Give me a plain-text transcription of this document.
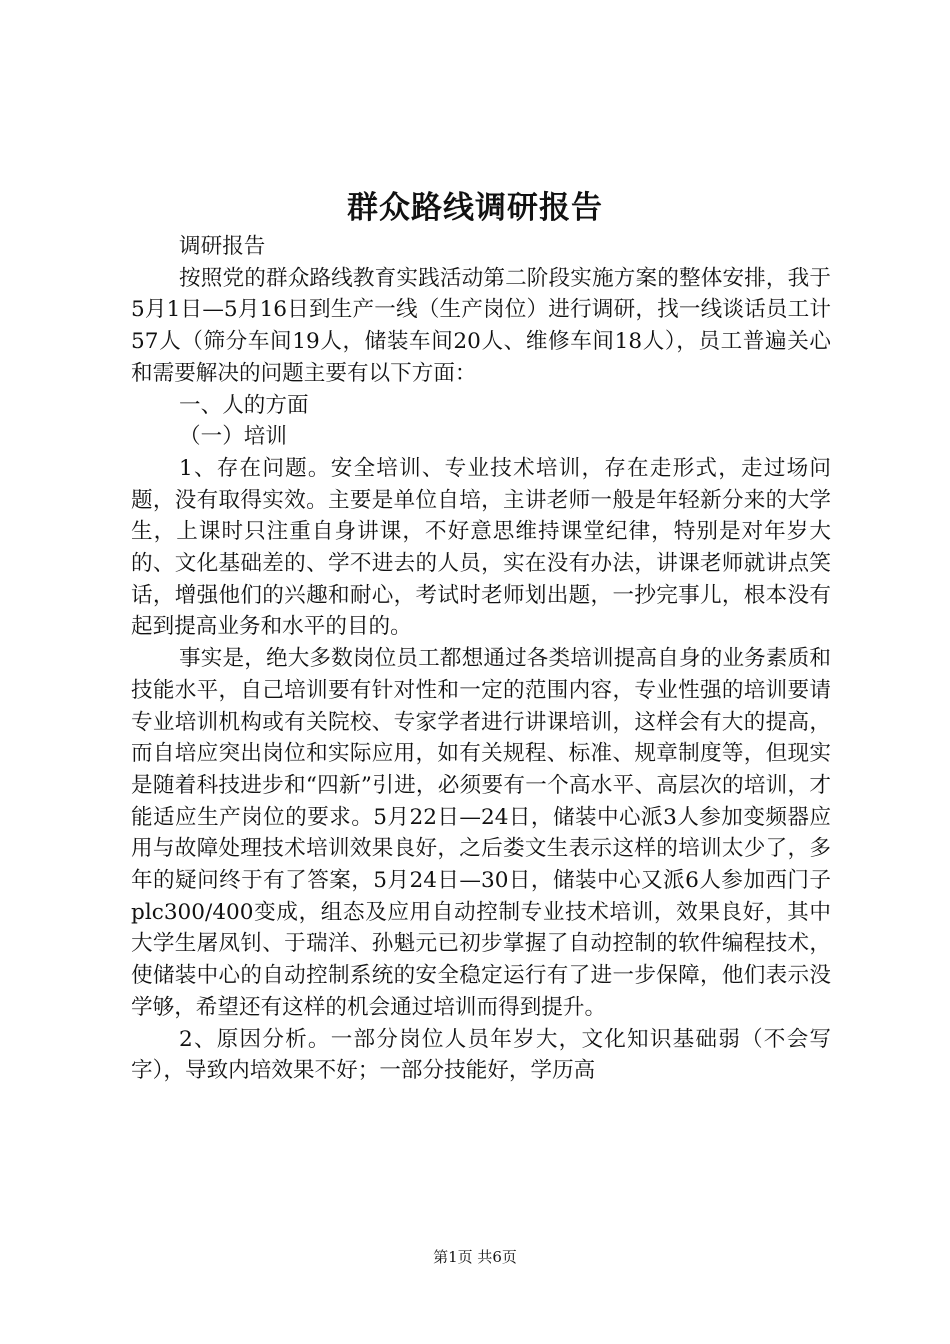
群众路线调研报告

调研报告

按照党的群众路线教育实践活动第二阶段实施方案的整体安排，我于5月1日—5月16日到生产一线（生产岗位）进行调研，找一线谈话员工计57人（筛分车间19人，储装车间20人、维修车间18人），员工普遍关心和需要解决的问题主要有以下方面：

一、人的方面

（一）培训

1、存在问题。安全培训、专业技术培训，存在走形式，走过场问题，没有取得实效。主要是单位自培，主讲老师一般是年轻新分来的大学生，上课时只注重自身讲课，不好意思维持课堂纪律，特别是对年岁大的、文化基础差的、学不进去的人员，实在没有办法，讲课老师就讲点笑话，增强他们的兴趣和耐心，考试时老师划出题，一抄完事儿，根本没有起到提高业务和水平的目的。

事实是，绝大多数岗位员工都想通过各类培训提高自身的业务素质和技能水平，自己培训要有针对性和一定的范围内容，专业性强的培训要请专业培训机构或有关院校、专家学者进行讲课培训，这样会有大的提高，而自培应突出岗位和实际应用，如有关规程、标准、规章制度等，但现实是随着科技进步和“四新”引进，必须要有一个高水平、高层次的培训，才能适应生产岗位的要求。5月22日—24日，储装中心派3人参加变频器应用与故障处理技术培训效果良好，之后娄文生表示这样的培训太少了，多年的疑问终于有了答案，5月24日—30日，储装中心又派6人参加西门子plc300/400变成，组态及应用自动控制专业技术培训，效果良好，其中大学生屠凤钊、于瑞洋、孙魁元已初步掌握了自动控制的软件编程技术，使储装中心的自动控制系统的安全稳定运行有了进一步保障，他们表示没学够，希望还有这样的机会通过培训而得到提升。

2、原因分析。一部分岗位人员年岁大，文化知识基础弱（不会写字），导致内培效果不好；一部分技能好，学历高

第1页 共6页
